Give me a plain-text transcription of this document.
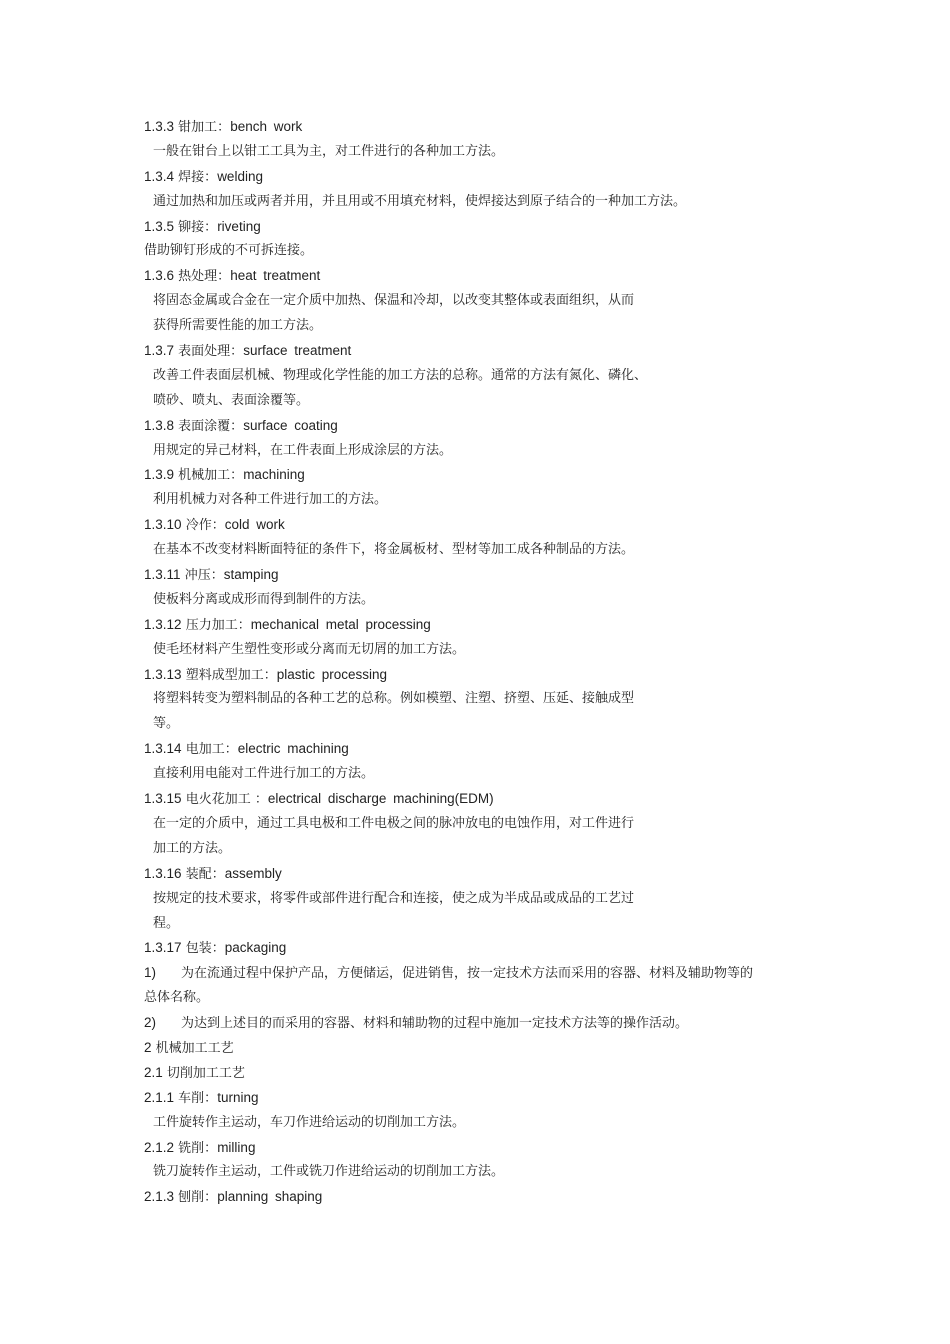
1.3.3 钳加工：bench work
一般在钳台上以钳工工具为主，对工件进行的各种加工方法。
1.3.4 焊接：welding
通过加热和加压或两者并用，并且用或不用填充材料，使焊接达到原子结合的一种加工方法。
1.3.5 铆接：riveting
借助铆钉形成的不可拆连接。
1.3.6 热处理：heat treatment
将固态金属或合金在一定介质中加热、保温和冷却，以改变其整体或表面组织，从而
获得所需要性能的加工方法。
1.3.7 表面处理：surface treatment
改善工件表面层机械、物理或化学性能的加工方法的总称。通常的方法有氮化、磷化、
喷砂、喷丸、表面涂覆等。
1.3.8 表面涂覆：surface coating
用规定的异己材料，在工件表面上形成涂层的方法。
1.3.9 机械加工：machining
利用机械力对各种工件进行加工的方法。
1.3.10 冷作：cold work
在基本不改变材料断面特征的条件下，将金属板材、型材等加工成各种制品的方法。
1.3.11 冲压：stamping
使板料分离或成形而得到制件的方法。
1.3.12 压力加工：mechanical metal processing
使毛坯材料产生塑性变形或分离而无切屑的加工方法。
1.3.13 塑料成型加工：plastic processing
将塑料转变为塑料制品的各种工艺的总称。例如模塑、注塑、挤塑、压延、接触成型
等。
1.3.14 电加工：electric machining
直接利用电能对工件进行加工的方法。
1.3.15 电火花加工 ：electrical discharge machining(EDM)
在一定的介质中，通过工具电极和工件电极之间的脉冲放电的电蚀作用，对工件进行
加工的方法。
1.3.16 装配：assembly
按规定的技术要求，将零件或部件进行配合和连接，使之成为半成品或成品的工艺过
程。
1.3.17 包装：packaging
1) 为在流通过程中保护产品，方便储运，促进销售，按一定技术方法而采用的容器、材料及辅助物等的
总体名称。
2) 为达到上述目的而采用的容器、材料和辅助物的过程中施加一定技术方法等的操作活动。
2 机械加工工艺
2.1 切削加工工艺
2.1.1 车削：turning
工件旋转作主运动，车刀作进给运动的切削加工方法。
2.1.2 铣削：milling
铣刀旋转作主运动，工件或铣刀作进给运动的切削加工方法。
2.1.3 刨削：planning shaping
